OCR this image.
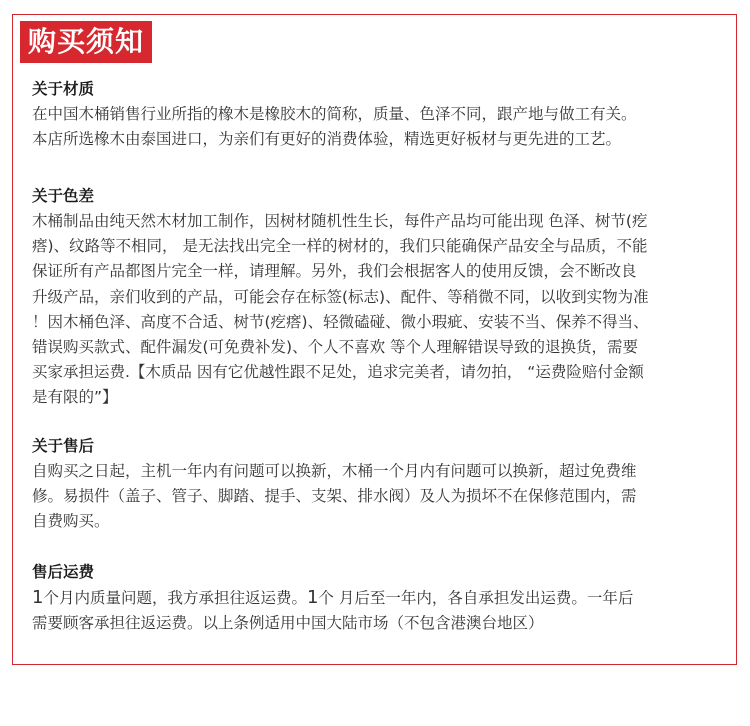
购买须知
关于材质
在中国木桶销售行业所指的橡木是橡胶木的简称，质量、色泽不同，跟产地与做工有关。
本店所选橡木由泰国进口，为亲们有更好的消费体验，精选更好板材与更先进的工艺。
关于色差
木桶制品由纯天然木材加工制作，因树材随机性生长，每件产品均可能出现 色泽、树节(疙
瘩)、纹路等不相同， 是无法找出完全一样的树材的，我们只能确保产品安全与品质，不能
保证所有产品都图片完全一样，请理解。另外，我们会根据客人的使用反馈，会不断改良
升级产品，亲们收到的产品，可能会存在标签(标志)、配件、等稍微不同，以收到实物为准
！因木桶色泽、高度不合适、树节(疙瘩)、轻微磕碰、微小瑕疵、安装不当、保养不得当、
错误购买款式、配件漏发(可免费补发)、个人不喜欢 等个人理解错误导致的退换货，需要
买家承担运费.【木质品 因有它优越性跟不足处，追求完美者，请勿拍， “运费险赔付金额
是有限的”】
关于售后
自购买之日起，主机一年内有问题可以换新，木桶一个月内有问题可以换新，超过免费维
修。易损件（盖子、管子、脚踏、提手、支架、排水阀）及人为损坏不在保修范围内，需
自费购买。
售后运费
1个月内质量问题，我方承担往返运费。1个 月后至一年内，各自承担发出运费。一年后
需要顾客承担往返运费。以上条例适用中国大陆市场（不包含港澳台地区）
